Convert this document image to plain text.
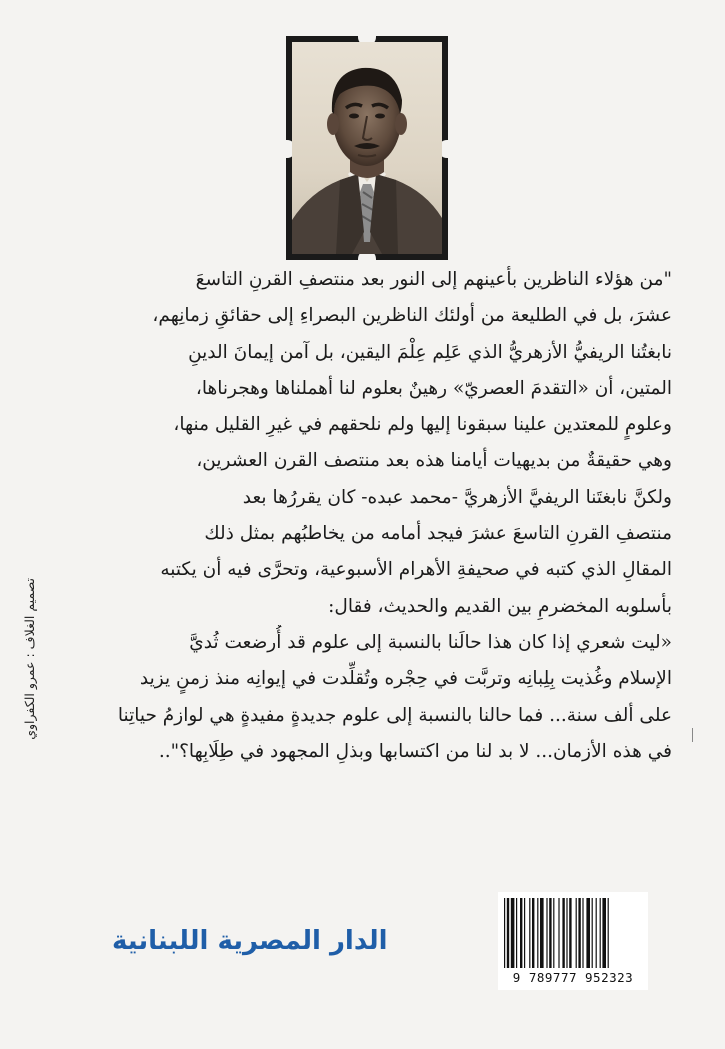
"من هؤلاء الناظرين بأعينهم إلى النور بعد منتصفِ القرنِ التاسعَ
عشرَ، بل في الطليعة من أولئك الناظرين البصراءِ إلى حقائقِ زمانِهم،
نابغتُنا الريفيُّ الأزهريُّ الذي عَلِم عِلْمَ اليقين، بل آمن إيمانَ الدينِ
المتين، أن «التقدمَ العصريّ» رهينٌ بعلوم لنا أهملناها وهجرناها،
وعلومٍ للمعتدين علينا سبقونا إليها ولم نلحقهم في غيرِ القليل منها،
وهي حقيقةٌ من بديهيات أيامنا هذه بعد منتصف القرن العشرين،
ولكنَّ نابغتَنا الريفيَّ الأزهريَّ -محمد عبده- كان يقررُها بعد
منتصفِ القرنِ التاسعَ عشرَ فيجد أمامه من يخاطبُهم بمثل ذلك
المقالِ الذي كتبه في صحيفةِ الأهرام الأسبوعية، وتحرَّى فيه أن يكتبه
بأسلوبه المخضرمِ بين القديم والحديث، فقال:
«ليت شعري إذا كان هذا حالَنا بالنسبة إلى علوم قد أُرضعت ثُديَّ
الإسلام وغُذيت بِلِبانِه وتربَّت في حِجْره وتُقلِّدت في إيوانِه منذ زمنٍ يزيد
على ألف سنة... فما حالنا بالنسبة إلى علوم جديدةٍ مفيدةٍ هي لوازمُ حياتِنا
في هذه الأزمان... لا بد لنا من اكتسابها وبذلِ المجهود في طِلَابِها؟"..
تصميم الغلاف : عمرو الكفراوي
الدار المصرية اللبنانية
9 789777 952323
